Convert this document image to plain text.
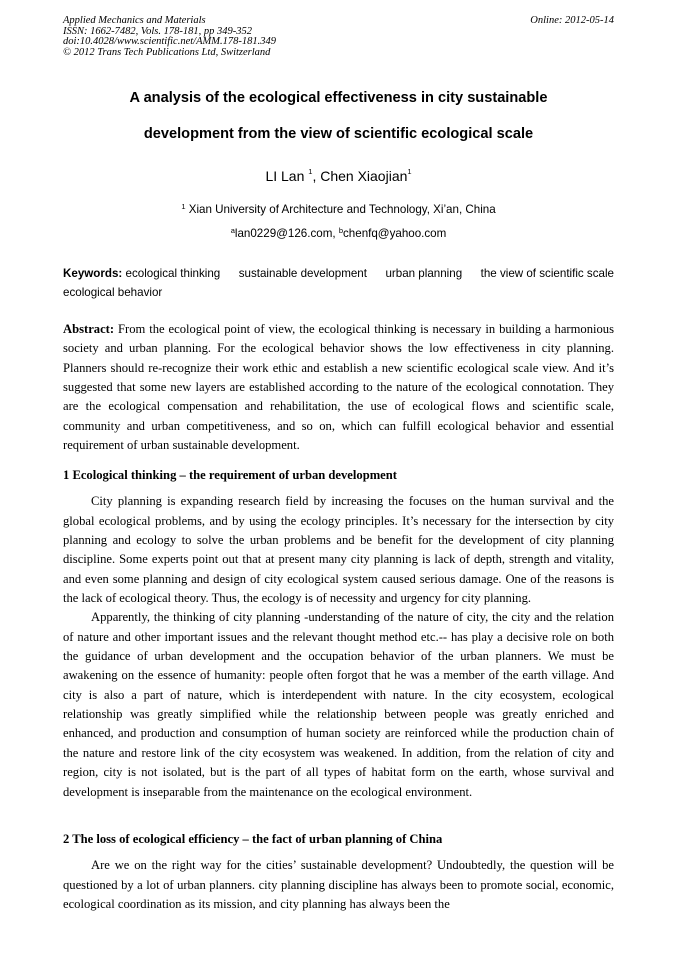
Applied Mechanics and Materials
ISSN: 1662-7482, Vols. 178-181, pp 349-352
doi:10.4028/www.scientific.net/AMM.178-181.349
© 2012 Trans Tech Publications Ltd, Switzerland
Online: 2012-05-14
A analysis of the ecological effectiveness in city sustainable
development from the view of scientific ecological scale
LI Lan $^1$, Chen Xiaojian$^1$
$^1$ Xian University of Architecture and Technology, Xi’an, China
$^a$lan0229@126.com, $^b$chenfq@yahoo.com
Keywords: ecological thinking sustainable development urban planning the view of scientific scale
ecological behavior
Abstract: From the ecological point of view, the ecological thinking is necessary in building a harmonious society and urban planning. For the ecological behavior shows the low effectiveness in city planning. Planners should re-recognize their work ethic and establish a new scientific ecological scale view. And it’s suggested that some new layers are established according to the nature of the ecological connotation. They are the ecological compensation and rehabilitation, the use of ecological flows and scientific scale, community and urban competitiveness, and so on, which can fulfill ecological behavior and essential requirement of urban sustainable development.

1 Ecological thinking – the requirement of urban development

City planning is expanding research field by increasing the focuses on the human survival and the global ecological problems, and by using the ecology principles. It’s necessary for the intersection by city planning and ecology to solve the urban problems and be benefit for the development of city planning discipline. Some experts point out that at present many city planning is lack of depth, strength and vitality, and even some planning and design of city ecological system caused serious damage. One of the reasons is the lack of ecological theory. Thus, the ecology is of necessity and urgency for city planning.

Apparently, the thinking of city planning -understanding of the nature of city, the city and the relation of nature and other important issues and the relevant thought method etc.-- has play a decisive role on both the guidance of urban development and the occupation behavior of the urban planners. We must be awakening on the essence of humanity: people often forgot that he was a member of the earth village. And city is also a part of nature, which is interdependent with nature. In the city ecosystem, ecological relationship was greatly simplified while the relationship between people was greatly enriched and enhanced, and production and consumption of human society are reinforced while the production chain of the nature and restore link of the city ecosystem was weakened. In addition, from the relation of city and region, city is not isolated, but is the part of all types of habitat form on the earth, whose survival and development is inseparable from the maintenance on the ecological environment.

2 The loss of ecological efficiency – the fact of urban planning of China

Are we on the right way for the cities’ sustainable development? Undoubtedly, the question will be questioned by a lot of urban planners. city planning discipline has always been to promote social, economic, ecological coordination as its mission, and city planning has always been the
